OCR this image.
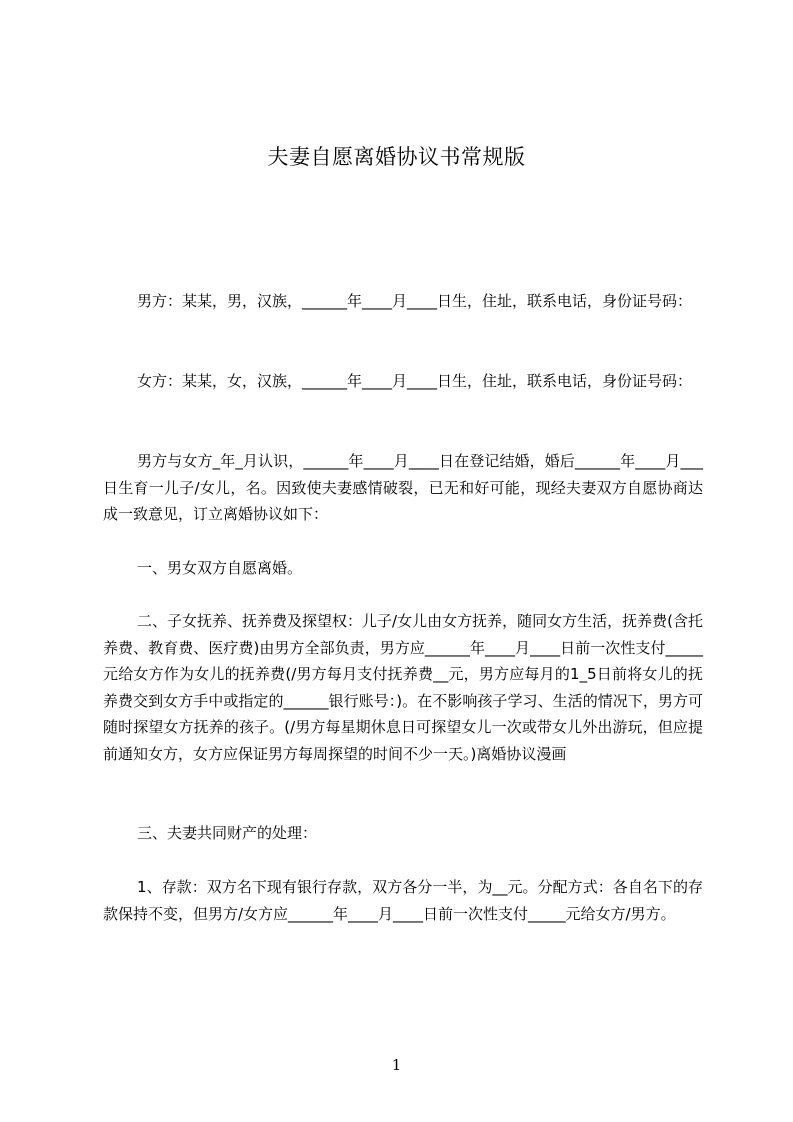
夫妻自愿离婚协议书常规版
男方：某某，男，汉族，______年____月____日生，住址，联系电话，身份证号码：
女方：某某，女，汉族，______年____月____日生，住址，联系电话，身份证号码：
男方与女方_年_月认识，______年____月____日在登记结婚，婚后______年____月___日生育一儿子/女儿，名。因致使夫妻感情破裂，已无和好可能，现经夫妻双方自愿协商达成一致意见，订立离婚协议如下：
一、男女双方自愿离婚。
二、子女抚养、抚养费及探望权：儿子/女儿由女方抚养，随同女方生活，抚养费(含托养费、教育费、医疗费)由男方全部负责，男方应______年____月____日前一次性支付_____元给女方作为女儿的抚养费(/男方每月支付抚养费__元，男方应每月的1_5日前将女儿的抚养费交到女方手中或指定的______银行账号：)。在不影响孩子学习、生活的情况下，男方可随时探望女方抚养的孩子。(/男方每星期休息日可探望女儿一次或带女儿外出游玩，但应提前通知女方，女方应保证男方每周探望的时间不少一天。)离婚协议漫画
三、夫妻共同财产的处理：
1、存款：双方名下现有银行存款，双方各分一半，为__元。分配方式：各自名下的存款保持不变，但男方/女方应______年____月____日前一次性支付_____元给女方/男方。
1
